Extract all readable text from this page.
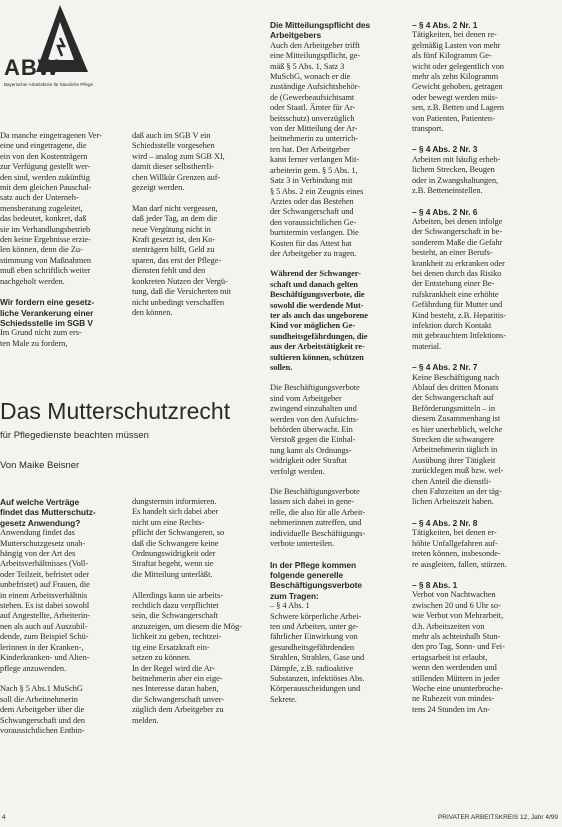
ABW
Bayerischer Arbeitskreis für häusliche Pflege

Da manche eingetragenen Ver-

eine und eingetragene, die

ein von den Kostenträgern

zur Verfügung gestellt wer-

den sind, werden zukünftig

mit dem gleichen Pauschal-

satz auch der Unterneh-

mensberatung zugeleitet,

das bedeutet, konkret, daß

sie im Verhandlungsbetrieb

den keine Ergebnisse erzie-

len können, denn die Zu-

stimmung von Maßnahmen

muß eben schriftlich weiter

nachgeholt werden.

Wir fordern eine gesetz-

liche Verankerung einer

Schiedsstelle im SGB V

Im Grund nicht zum ers-

ten Male zu fordern,

daß auch im SGB V ein

Schiedsstelle vorgesehen

wird – analog zum SGB XI,

damit dieser selbstherrli-

chen Willkür Grenzen auf-

gezeigt werden.

Man darf nicht vergessen,

daß jeder Tag, an dem die

neue Vergütung nicht in

Kraft gesetzt ist, den Ko-

stenträgern hilft, Geld zu

sparen, das erst der Pflege-

diensten fehlt und den

konkreten Nutzen der Vergü-

tung, daß die Versicherten mit

nicht unbedingt verschaffen

den können.

Das Mutterschutzrecht
für Pflegedienste beachten müssen
Von Maike Beisner

Auf welche Verträge

findet das Mutterschutz-

gesetz Anwendung?

Anwendung findet das

Mutterschutzgesetz unab-

hängig von der Art des

Arbeitsverhältnisses (Voll-

oder Teilzeit, befristet oder

unbefristet) auf Frauen, die

in einem Arbeitsverhältnis

stehen. Es ist dabei sowohl

auf Angestellte, Arbeiterin-

nen als auch auf Auszubil-

dende, zum Beispiel Schü-

lerinnen in der Kranken-,

Kinderkranken- und Alten-

pflege anzuwenden.

Nach § 5 Abs.1 MuSchG

soll die Arbeitnehmerin

dem Arbeitgeber über die

Schwangerschaft und den

voraussichtlichen Entbin-

dungstermin informieren.

Es handelt sich dabei aber

nicht um eine Rechts-

pflicht der Schwangeren, so

daß die Schwangere keine

Ordnungswidrigkeit oder

Straftat begeht, wenn sie

die Mitteilung unterläßt.

Allerdings kann sie arbeits-

rechtlich dazu verpflichtet

sein, die Schwangerschaft

anzuzeigen, um diesem die Mög-

lichkeit zu geben, rechtzei-

tig eine Ersatzkraft ein-

setzen zu können.

In der Regel wird die Ar-

beitnehmerin aber ein eige-

nes Interesse daran haben,

die Schwangerschaft unver-

züglich dem Arbeitgeber zu

melden.

Die Mitteilungspflicht des

Arbeitgebers

Auch den Arbeitgeber trifft

eine Mitteilungspflicht, ge-

mäß § 5 Abs. 1, Satz 3

MuSchG, wonach er die

zuständige Aufsichtsbehör-

de (Gewerbeaufsichtsamt

oder Staatl. Ämter für Ar-

beitsschutz) unverzüglich

von der Mitteilung der Ar-

beitnehmerin zu unterrich-

ten hat. Der Arbeitgeber

kann ferner verlangen Mit-

arbeiterin gem. § 5 Abs. 1,

Satz 3 in Verbindung mit

§ 5 Abs. 2 ein Zeugnis eines

Arztes oder das Bestehen

der Schwangerschaft und

den voraussichtlichen Ge-

burtstermin verlangen. Die

Kosten für das Attest hat

der Arbeitgeber zu tragen.

Während der Schwanger-

schaft und danach gelten

Beschäftigungsverbote, die

sowohl die werdende Mut-

ter als auch das ungeborene

Kind vor möglichen Ge-

sundheitsgefährdungen, die

aus der Arbeitstätigkeit re-

sultieren können, schützen

sollen.

Die Beschäftigungsverbote

sind vom Arbeitgeber

zwingend einzuhalten und

werden von den Aufsichts-

behörden überwacht. Ein

Verstoß gegen die Einhal-

tung kann als Ordnungs-

widrigkeit oder Straftat

verfolgt werden.

Die Beschäftigungsverbote

lassen sich dabei in gene-

relle, die also für alle Arbeit-

nehmerinnen zutreffen, und

individuelle Beschäftigungs-

verbote unterteilen.

In der Pflege kommen

folgende generelle

Beschäftigungsverbote

zum Tragen:

– § 4 Abs. 1

Schwere körperliche Arbei-

ten und Arbeiten, unter ge-

fährlicher Einwirkung von

gesundheitsgefährdenden

Strahlen, Strahlen, Gase und

Dämpfe, z.B. radioaktive

Substanzen, infektiöses Abs.

Körperausscheidungen und

Sekrete.

– § 4 Abs. 2 Nr. 1

Tätigkeiten, bei denen re-

gelmäßig Lasten von mehr

als fünf Kilogramm Ge-

wicht oder gelegentlich von

mehr als zehn Kilogramm

Gewicht gehoben, getragen

oder bewegt werden müs-

sen, z.B. Betten und Lagern

von Patienten, Patienten-

transport.

– § 4 Abs. 2 Nr. 3

Arbeiten mit häufig erheb-

lichem Strecken, Beugen

oder in Zwangshaltungen,

z.B. Betteneinstellen.

– § 4 Abs. 2 Nr. 6

Arbeiten, bei denen infolge

der Schwangerschaft in be-

sonderem Maße die Gefahr

besteht, an einer Berufs-

krankheit zu erkranken oder

bei denen durch das Risiko

der Entstehung einer Be-

rufskrankheit eine erhöhte

Gefährdung für Mutter und

Kind besteht, z.B. Hepatitis-

infektion durch Kontakt

mit gebrauchtem Infektions-

material.

– § 4 Abs. 2 Nr. 7

Keine Beschäftigung nach

Ablauf des dritten Monats

der Schwangerschaft auf

Beförderungsmitteln – in

diesem Zusammenhang ist

es hier unerheblich, welche

Strecken die schwangere

Arbeitnehmerin täglich in

Ausübung ihrer Tätigkeit

zurücklegen muß bzw. wel-

chen Anteil die dienstli-

chen Fahrzeiten an der täg-

lichen Arbeitszeit haben.

– § 4 Abs. 2 Nr. 8

Tätigkeiten, bei denen er-

höhte Unfallgefahren auf-

treten können, insbesonde-

re ausgleiten, fallen, stürzen.

– § 8 Abs. 1

Verbot von Nachtwachen

zwischen 20 und 6 Uhr so-

wie Verbot von Mehrarbeit,

d.h. Arbeitszeiten von

mehr als achteinhalb Stun-

den pro Tag, Sonn- und Fei-

ertagsarbeit ist erlaubt,

wenn den werdenden und

stillenden Müttern in jeder

Woche eine ununterbroche-

ne Ruhezeit von mindes-

tens 24 Stunden im An-

4	PRIVATER ARBEITSKREIS 12, Jahr 4/99
